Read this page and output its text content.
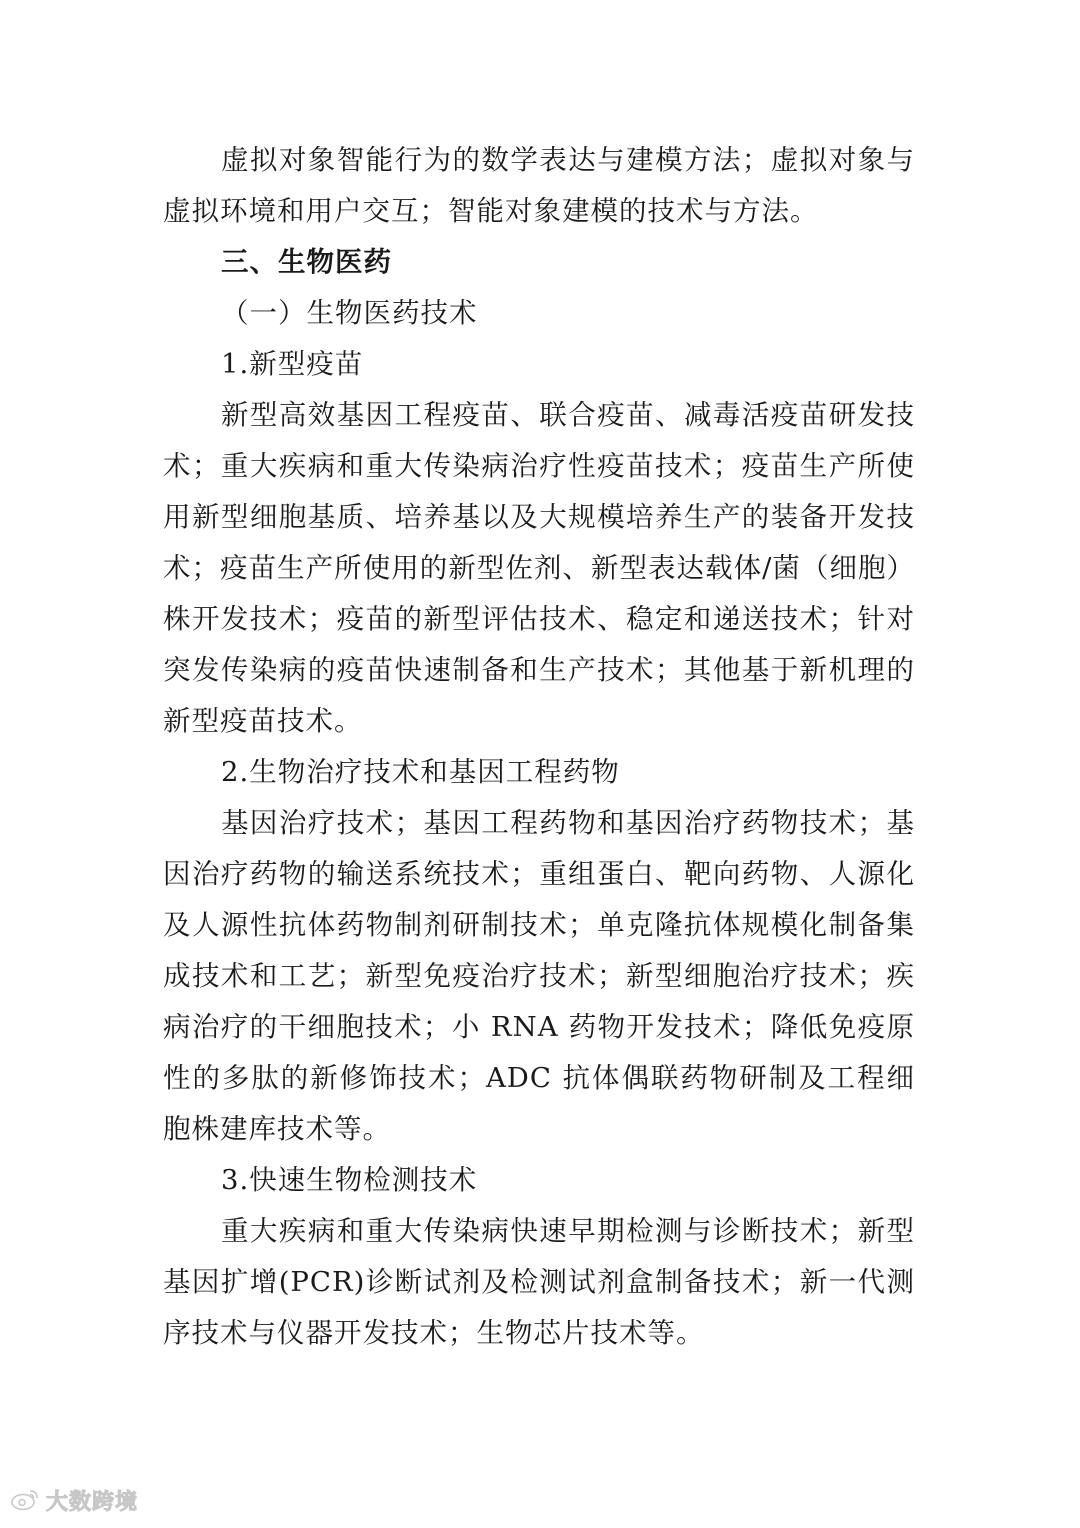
虚拟对象智能行为的数学表达与建模方法；虚拟对象与虚拟环境和用户交互；智能对象建模的技术与方法。

三、生物医药

（一）生物医药技术

1.新型疫苗

新型高效基因工程疫苗、联合疫苗、减毒活疫苗研发技术；重大疾病和重大传染病治疗性疫苗技术；疫苗生产所使用新型细胞基质、培养基以及大规模培养生产的装备开发技术；疫苗生产所使用的新型佐剂、新型表达载体/菌（细胞）株开发技术；疫苗的新型评估技术、稳定和递送技术；针对突发传染病的疫苗快速制备和生产技术；其他基于新机理的新型疫苗技术。

2.生物治疗技术和基因工程药物

基因治疗技术；基因工程药物和基因治疗药物技术；基因治疗药物的输送系统技术；重组蛋白、靶向药物、人源化及人源性抗体药物制剂研制技术；单克隆抗体规模化制备集成技术和工艺；新型免疫治疗技术；新型细胞治疗技术；疾病治疗的干细胞技术；小 RNA 药物开发技术；降低免疫原性的多肽的新修饰技术；ADC 抗体偶联药物研制及工程细胞株建库技术等。

3.快速生物检测技术

重大疾病和重大传染病快速早期检测与诊断技术；新型基因扩增(PCR)诊断试剂及检测试剂盒制备技术；新一代测序技术与仪器开发技术；生物芯片技术等。

大数跨境
